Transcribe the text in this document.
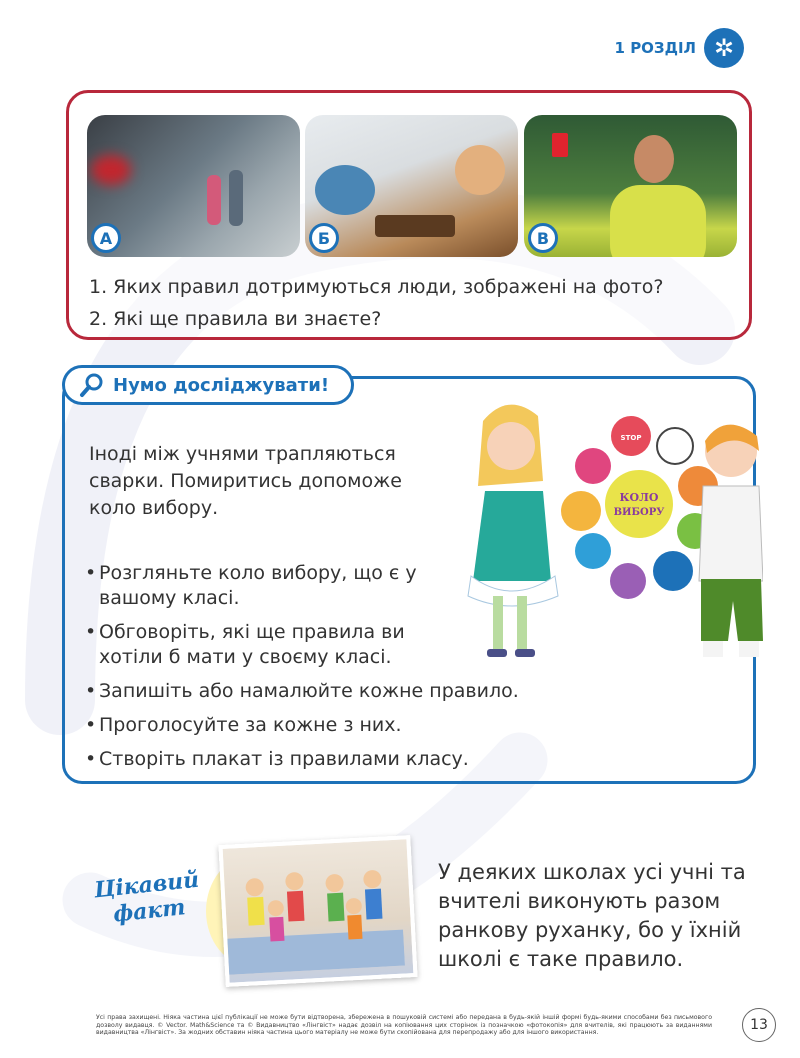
1 РОЗДІЛ ✲
А	Б	В
1. Яких правил дотримуються люди, зображені на фото?
2. Які ще правила ви знаєте?
Нумо досліджувати!
Іноді між учнями трапляються сварки. Помиритись допоможе коло вибору.
• Розгляньте коло вибору, що є у вашому класі.
• Обговоріть, які ще правила ви хотіли б мати у своєму класі.
• Запишіть або намалюйте кожне правило.
• Проголосуйте за кожне з них.
• Створіть плакат із правилами класу.
КОЛО
ВИБОРУ
STOP
Цікавий
факт
У деяких школах усі учні та вчителі виконують разом ранкову руханку, бо у їхній школі є таке правило.
Усі права захищені. Ніяка частина цієї публікації не може бути відтворена, збережена в пошуковій системі або передана в будь-якій іншій формі будь-якими способами без письмового дозволу видавця. © Vector. Math&Science та © Видавництво «Лінгвіст» надає дозвіл на копіювання цих сторінок із позначкою «фотокопія» для вчителів, які працюють за виданнями видавництва «Лінгвіст». За жодних обставин ніяка частина цього матеріалу не може бути скопійована для перепродажу або для іншого використання.	13
